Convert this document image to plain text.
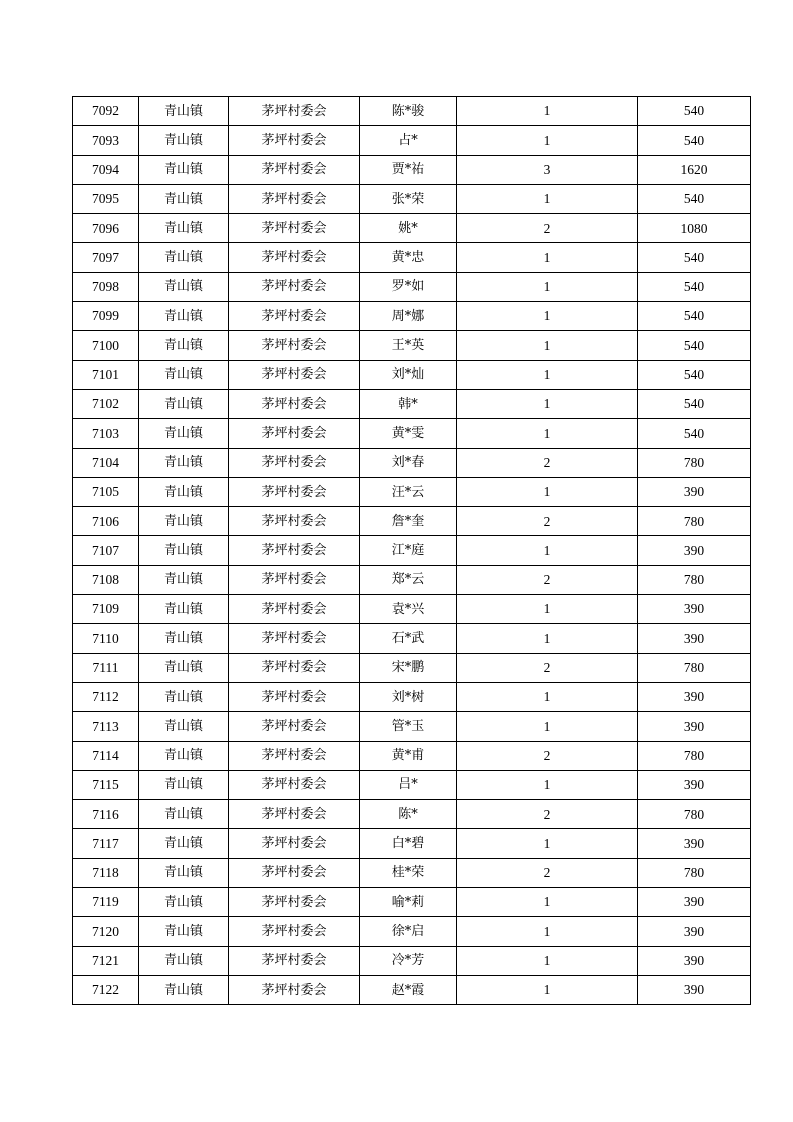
7092	青山镇	茅坪村委会	陈*骏	1	540
7093	青山镇	茅坪村委会	占*	1	540
7094	青山镇	茅坪村委会	贾*祐	3	1620
7095	青山镇	茅坪村委会	张*荣	1	540
7096	青山镇	茅坪村委会	姚*	2	1080
7097	青山镇	茅坪村委会	黄*忠	1	540
7098	青山镇	茅坪村委会	罗*如	1	540
7099	青山镇	茅坪村委会	周*娜	1	540
7100	青山镇	茅坪村委会	王*英	1	540
7101	青山镇	茅坪村委会	刘*灿	1	540
7102	青山镇	茅坪村委会	韩*	1	540
7103	青山镇	茅坪村委会	黄*雯	1	540
7104	青山镇	茅坪村委会	刘*春	2	780
7105	青山镇	茅坪村委会	汪*云	1	390
7106	青山镇	茅坪村委会	詹*奎	2	780
7107	青山镇	茅坪村委会	江*庭	1	390
7108	青山镇	茅坪村委会	郑*云	2	780
7109	青山镇	茅坪村委会	袁*兴	1	390
7110	青山镇	茅坪村委会	石*武	1	390
7111	青山镇	茅坪村委会	宋*鹏	2	780
7112	青山镇	茅坪村委会	刘*树	1	390
7113	青山镇	茅坪村委会	管*玉	1	390
7114	青山镇	茅坪村委会	黄*甫	2	780
7115	青山镇	茅坪村委会	吕*	1	390
7116	青山镇	茅坪村委会	陈*	2	780
7117	青山镇	茅坪村委会	白*碧	1	390
7118	青山镇	茅坪村委会	桂*荣	2	780
7119	青山镇	茅坪村委会	喻*莉	1	390
7120	青山镇	茅坪村委会	徐*启	1	390
7121	青山镇	茅坪村委会	冷*芳	1	390
7122	青山镇	茅坪村委会	赵*霞	1	390
